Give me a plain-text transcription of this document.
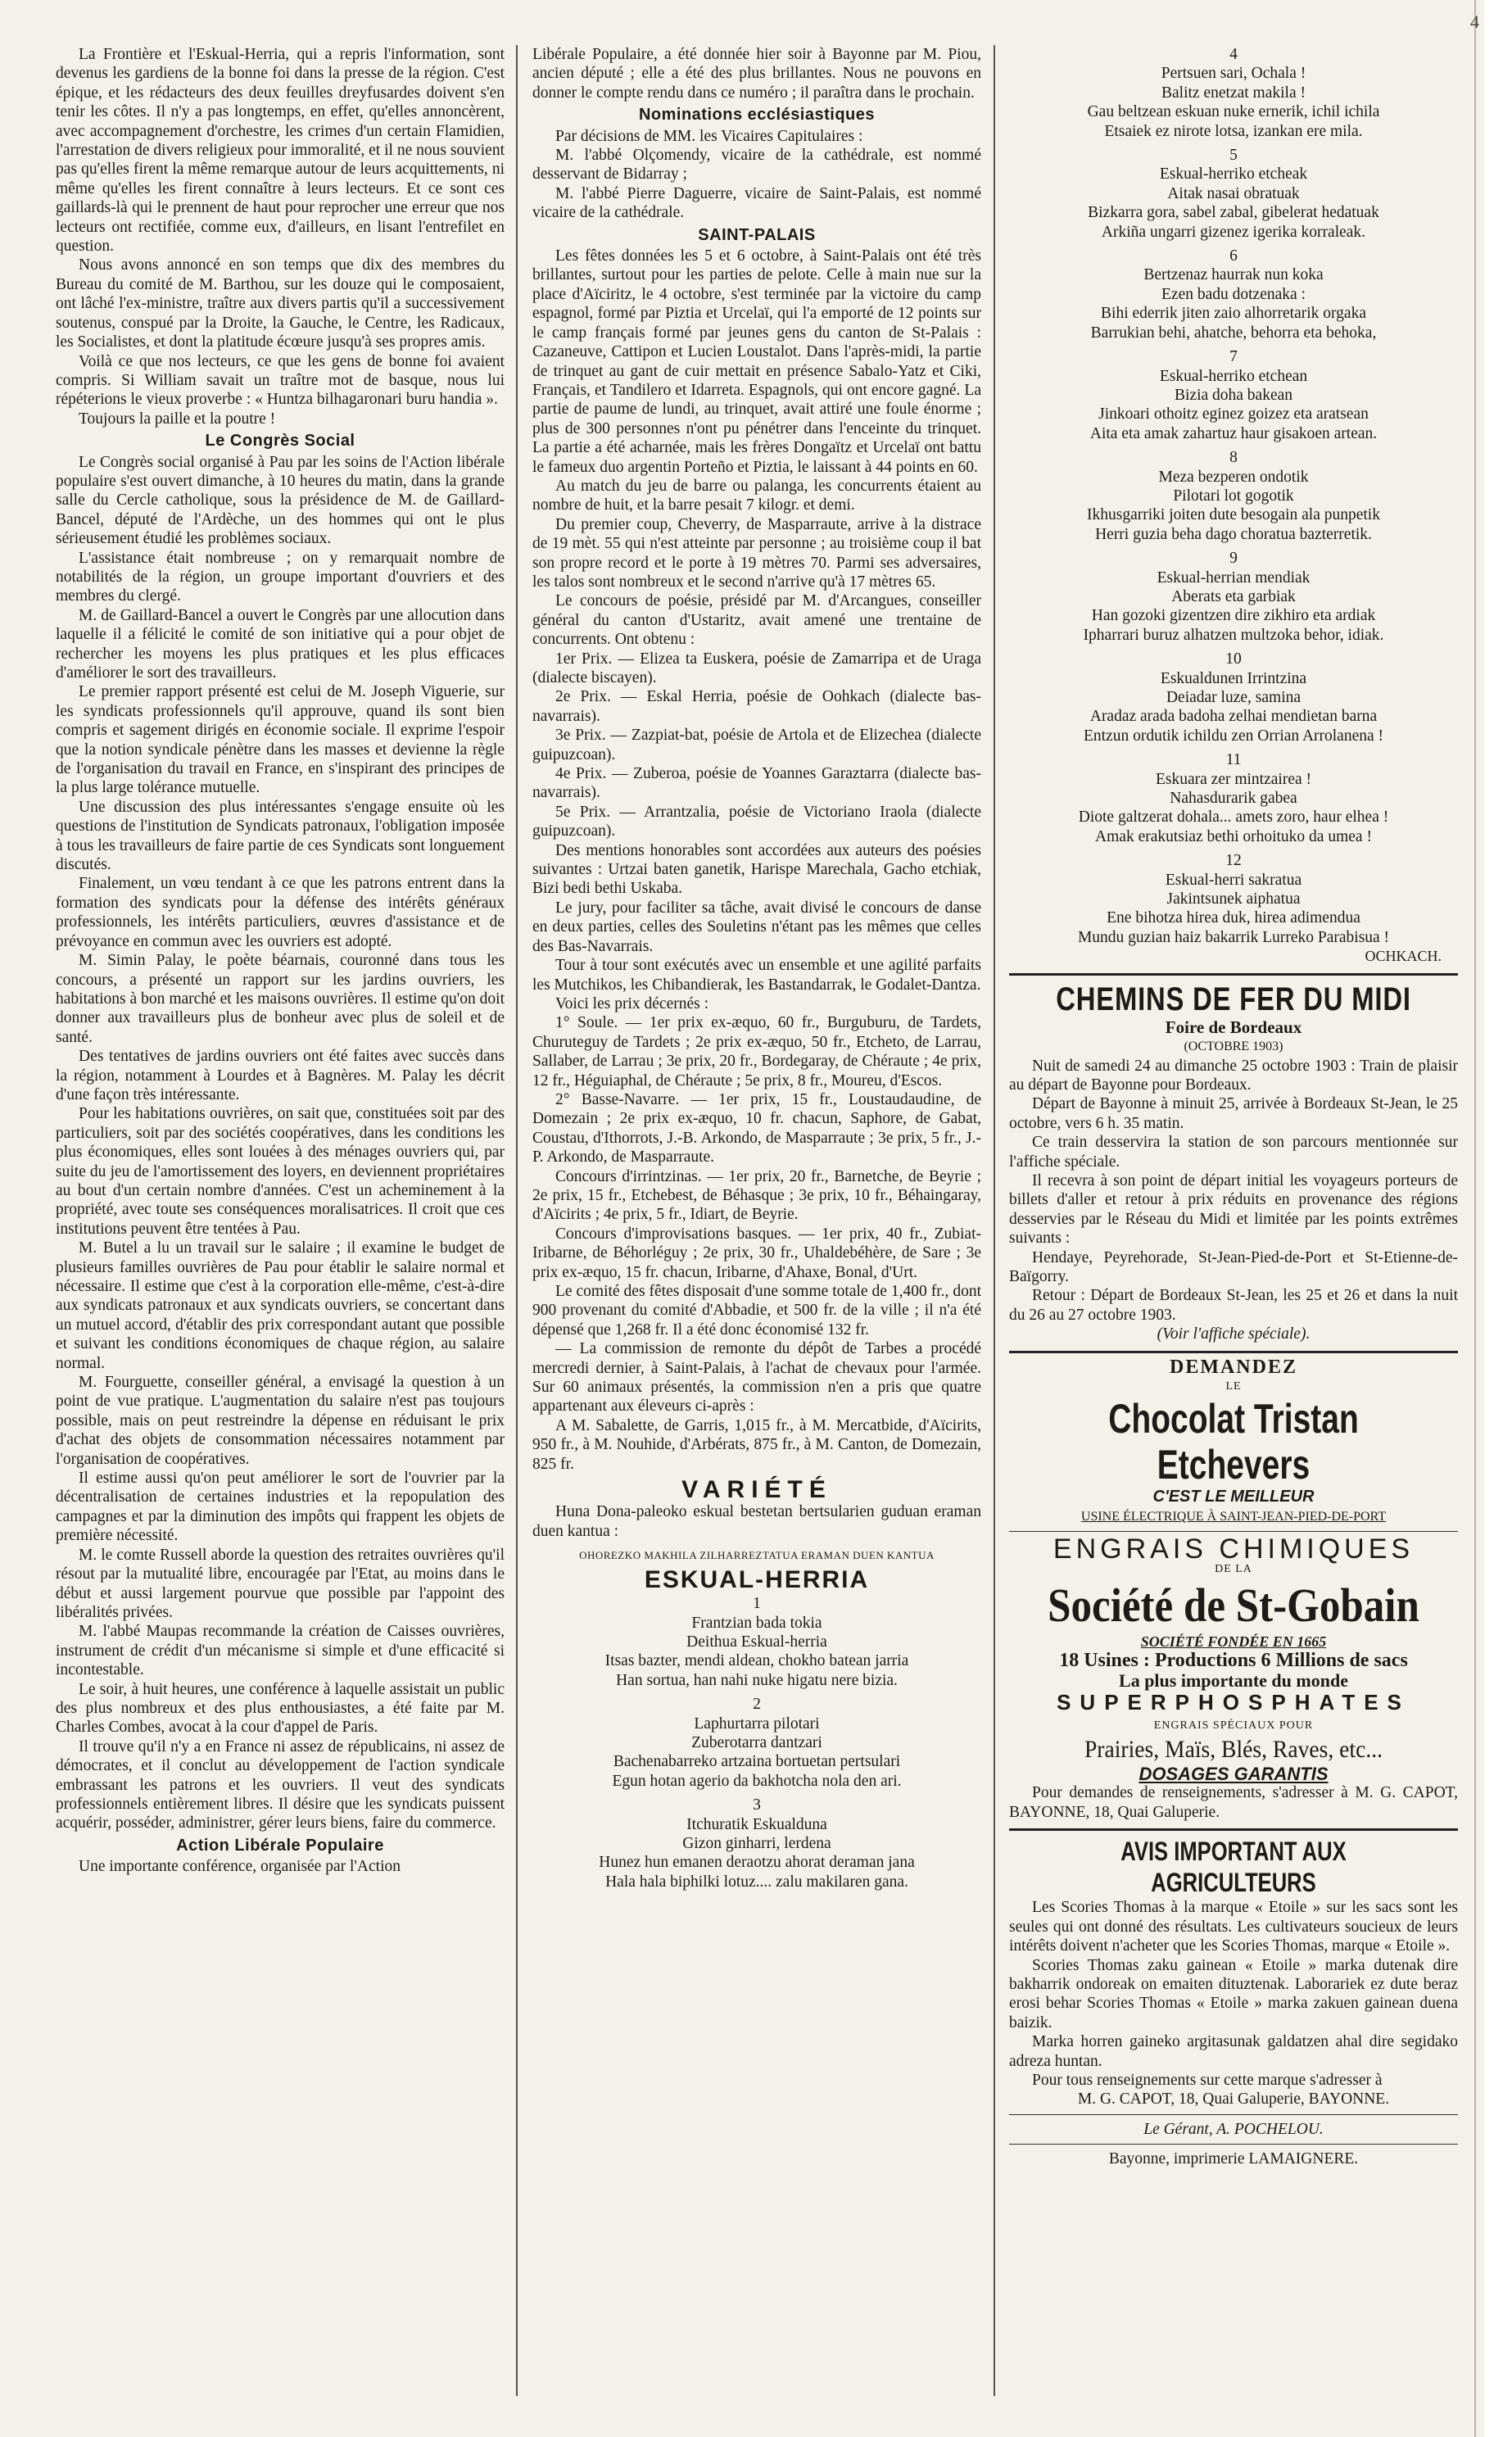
4

La Frontière et l'Eskual-Herria, qui a repris l'information, sont devenus les gardiens de la bonne foi dans la presse de la région. C'est épique, et les rédacteurs des deux feuilles dreyfusardes doivent s'en tenir les côtes. Il n'y a pas longtemps, en effet, qu'elles annoncèrent, avec accompagnement d'orchestre, les crimes d'un certain Flamidien, l'arrestation de divers religieux pour immoralité, et il ne nous souvient pas qu'elles firent la même remarque autour de leurs acquittements, ni même qu'elles les firent connaître à leurs lecteurs. Et ce sont ces gaillards-là qui le prennent de haut pour reprocher une erreur que nos lecteurs ont rectifiée, comme eux, d'ailleurs, en lisant l'entrefilet en question.

Nous avons annoncé en son temps que dix des membres du Bureau du comité de M. Barthou, sur les douze qui le composaient, ont lâché l'ex-ministre, traître aux divers partis qu'il a successivement soutenus, conspué par la Droite, la Gauche, le Centre, les Radicaux, les Socialistes, et dont la platitude écœure jusqu'à ses propres amis.

Voilà ce que nos lecteurs, ce que les gens de bonne foi avaient compris. Si William savait un traître mot de basque, nous lui répéterions le vieux proverbe : « Huntza bilhagaronari buru handia ».

Toujours la paille et la poutre !

Le Congrès Social

Le Congrès social organisé à Pau par les soins de l'Action libérale populaire s'est ouvert dimanche, à 10 heures du matin, dans la grande salle du Cercle catholique, sous la présidence de M. de Gaillard-Bancel, député de l'Ardèche, un des hommes qui ont le plus sérieusement étudié les problèmes sociaux.

L'assistance était nombreuse ; on y remarquait nombre de notabilités de la région, un groupe important d'ouvriers et des membres du clergé.

M. de Gaillard-Bancel a ouvert le Congrès par une allocution dans laquelle il a félicité le comité de son initiative qui a pour objet de rechercher les moyens les plus pratiques et les plus efficaces d'améliorer le sort des travailleurs.

Le premier rapport présenté est celui de M. Joseph Viguerie, sur les syndicats professionnels qu'il approuve, quand ils sont bien compris et sagement dirigés en économie sociale. Il exprime l'espoir que la notion syndicale pénètre dans les masses et devienne la règle de l'organisation du travail en France, en s'inspirant des principes de la plus large tolérance mutuelle.

Une discussion des plus intéressantes s'engage ensuite où les questions de l'institution de Syndicats patronaux, l'obligation imposée à tous les travailleurs de faire partie de ces Syndicats sont longuement discutés.

Finalement, un vœu tendant à ce que les patrons entrent dans la formation des syndicats pour la défense des intérêts généraux professionnels, les intérêts particuliers, œuvres d'assistance et de prévoyance en commun avec les ouvriers est adopté.

M. Simin Palay, le poète béarnais, couronné dans tous les concours, a présenté un rapport sur les jardins ouvriers, les habitations à bon marché et les maisons ouvrières. Il estime qu'on doit donner aux travailleurs plus de bonheur avec plus de soleil et de santé.

Des tentatives de jardins ouvriers ont été faites avec succès dans la région, notamment à Lourdes et à Bagnères. M. Palay les décrit d'une façon très intéressante.

Pour les habitations ouvrières, on sait que, constituées soit par des particuliers, soit par des sociétés coopératives, dans les conditions les plus économiques, elles sont louées à des ménages ouvriers qui, par suite du jeu de l'amortissement des loyers, en deviennent propriétaires au bout d'un certain nombre d'années. C'est un acheminement à la propriété, avec toute ses conséquences moralisatrices. Il croit que ces institutions peuvent être tentées à Pau.

M. Butel a lu un travail sur le salaire ; il examine le budget de plusieurs familles ouvrières de Pau pour établir le salaire normal et nécessaire. Il estime que c'est à la corporation elle-même, c'est-à-dire aux syndicats patronaux et aux syndicats ouvriers, se concertant dans un mutuel accord, d'établir des prix correspondant autant que possible et suivant les conditions économiques de chaque région, au salaire normal.

M. Fourguette, conseiller général, a envisagé la question à un point de vue pratique. L'augmentation du salaire n'est pas toujours possible, mais on peut restreindre la dépense en réduisant le prix d'achat des objets de consommation nécessaires notamment par l'organisation de coopératives.

Il estime aussi qu'on peut améliorer le sort de l'ouvrier par la décentralisation de certaines industries et la repopulation des campagnes et par la diminution des impôts qui frappent les objets de première nécessité.

M. le comte Russell aborde la question des retraites ouvrières qu'il résout par la mutualité libre, encouragée par l'Etat, au moins dans le début et aussi largement pourvue que possible par l'appoint des libéralités privées.

M. l'abbé Maupas recommande la création de Caisses ouvrières, instrument de crédit d'un mécanisme si simple et d'une efficacité si incontestable.

Le soir, à huit heures, une conférence à laquelle assistait un public des plus nombreux et des plus enthousiastes, a été faite par M. Charles Combes, avocat à la cour d'appel de Paris.

Il trouve qu'il n'y a en France ni assez de républicains, ni assez de démocrates, et il conclut au développement de l'action syndicale embrassant les patrons et les ouvriers. Il veut des syndicats professionnels entièrement libres. Il désire que les syndicats puissent acquérir, posséder, administrer, gérer leurs biens, faire du commerce.

Action Libérale Populaire

Une importante conférence, organisée par l'Action

Libérale Populaire, a été donnée hier soir à Bayonne par M. Piou, ancien député ; elle a été des plus brillantes. Nous ne pouvons en donner le compte rendu dans ce numéro ; il paraîtra dans le prochain.

Nominations ecclésiastiques

Par décisions de MM. les Vicaires Capitulaires :

M. l'abbé Olçomendy, vicaire de la cathédrale, est nommé desservant de Bidarray ;

M. l'abbé Pierre Daguerre, vicaire de Saint-Palais, est nommé vicaire de la cathédrale.

SAINT-PALAIS

Les fêtes données les 5 et 6 octobre, à Saint-Palais ont été très brillantes, surtout pour les parties de pelote. Celle à main nue sur la place d'Aïciritz, le 4 octobre, s'est terminée par la victoire du camp espagnol, formé par Piztia et Urcelaï, qui l'a emporté de 12 points sur le camp français formé par jeunes gens du canton de St-Palais : Cazaneuve, Cattipon et Lucien Loustalot. Dans l'après-midi, la partie de trinquet au gant de cuir mettait en présence Sabalo-Yatz et Ciki, Français, et Tandilero et Idarreta. Espagnols, qui ont encore gagné. La partie de paume de lundi, au trinquet, avait attiré une foule énorme ; plus de 300 personnes n'ont pu pénétrer dans l'enceinte du trinquet. La partie a été acharnée, mais les frères Dongaïtz et Urcelaï ont battu le fameux duo argentin Porteño et Piztia, le laissant à 44 points en 60.

Au match du jeu de barre ou palanga, les concurrents étaient au nombre de huit, et la barre pesait 7 kilogr. et demi.

Du premier coup, Cheverry, de Masparraute, arrive à la distrace de 19 mèt. 55 qui n'est atteinte par personne ; au troisième coup il bat son propre record et le porte à 19 mètres 70. Parmi ses adversaires, les talos sont nombreux et le second n'arrive qu'à 17 mètres 65.

Le concours de poésie, présidé par M. d'Arcangues, conseiller général du canton d'Ustaritz, avait amené une trentaine de concurrents. Ont obtenu :

1er Prix. — Elizea ta Euskera, poésie de Zamarripa et de Uraga (dialecte biscayen).

2e Prix. — Eskal Herria, poésie de Oohkach (dialecte bas-navarrais).

3e Prix. — Zazpiat-bat, poésie de Artola et de Elizechea (dialecte guipuzcoan).

4e Prix. — Zuberoa, poésie de Yoannes Garaztarra (dialecte bas-navarrais).

5e Prix. — Arrantzalia, poésie de Victoriano Iraola (dialecte guipuzcoan).

Des mentions honorables sont accordées aux auteurs des poésies suivantes : Urtzai baten ganetik, Harispe Marechala, Gacho etchiak, Bizi bedi bethi Uskaba.

Le jury, pour faciliter sa tâche, avait divisé le concours de danse en deux parties, celles des Souletins n'étant pas les mêmes que celles des Bas-Navarrais.

Tour à tour sont exécutés avec un ensemble et une agilité parfaits les Mutchikos, les Chibandierak, les Bastandarrak, le Godalet-Dantza.

Voici les prix décernés :

1° Soule. — 1er prix ex-æquo, 60 fr., Burguburu, de Tardets, Churuteguy de Tardets ; 2e prix ex-æquo, 50 fr., Etcheto, de Larrau, Sallaber, de Larrau ; 3e prix, 20 fr., Bordegaray, de Chéraute ; 4e prix, 12 fr., Héguiaphal, de Chéraute ; 5e prix, 8 fr., Moureu, d'Escos.

2° Basse-Navarre. — 1er prix, 15 fr., Loustaudaudine, de Domezain ; 2e prix ex-æquo, 10 fr. chacun, Saphore, de Gabat, Coustau, d'Ithorrots, J.-B. Arkondo, de Masparraute ; 3e prix, 5 fr., J.-P. Arkondo, de Masparraute.

Concours d'irrintzinas. — 1er prix, 20 fr., Barnetche, de Beyrie ; 2e prix, 15 fr., Etchebest, de Béhasque ; 3e prix, 10 fr., Béhaingaray, d'Aïcirits ; 4e prix, 5 fr., Idiart, de Beyrie.

Concours d'improvisations basques. — 1er prix, 40 fr., Zubiat-Iribarne, de Béhorléguy ; 2e prix, 30 fr., Uhaldebéhère, de Sare ; 3e prix ex-æquo, 15 fr. chacun, Iribarne, d'Ahaxe, Bonal, d'Urt.

Le comité des fêtes disposait d'une somme totale de 1,400 fr., dont 900 provenant du comité d'Abbadie, et 500 fr. de la ville ; il n'a été dépensé que 1,268 fr. Il a été donc économisé 132 fr.

— La commission de remonte du dépôt de Tarbes a procédé mercredi dernier, à Saint-Palais, à l'achat de chevaux pour l'armée. Sur 60 animaux présentés, la commission n'en a pris que quatre appartenant aux éleveurs ci-après :

A M. Sabalette, de Garris, 1,015 fr., à M. Mercatbide, d'Aïcirits, 950 fr., à M. Nouhide, d'Arbérats, 875 fr., à M. Canton, de Domezain, 825 fr.

VARIÉTÉ

Huna Dona-paleoko eskual bestetan bertsularien guduan eraman duen kantua :

OHOREZKO MAKHILA ZILHARREZTATUA ERAMAN DUEN KANTUA
ESKUAL-HERRIA
1
Frantzian bada tokia
Deithua Eskual-herria
Itsas bazter, mendi aldean, chokho batean jarria
Han sortua, han nahi nuke higatu nere bizia.
2
Laphurtarra pilotari
Zuberotarra dantzari
Bachenabarreko artzaina bortuetan pertsulari
Egun hotan agerio da bakhotcha nola den ari.
3
Itchuratik Eskualduna
Gizon ginharri, lerdena
Hunez hun emanen deraotzu ahorat deraman jana
Hala hala biphilki lotuz.... zalu makilaren gana.
4
Pertsuen sari, Ochala !
Balitz enetzat makila !
Gau beltzean eskuan nuke ernerik, ichil ichila
Etsaiek ez nirote lotsa, izankan ere mila.
5
Eskual-herriko etcheak
Aitak nasai obratuak
Bizkarra gora, sabel zabal, gibelerat hedatuak
Arkiña ungarri gizenez igerika korraleak.
6
Bertzenaz haurrak nun koka
Ezen badu dotzenaka :
Bihi ederrik jiten zaio alhorretarik orgaka
Barrukian behi, ahatche, behorra eta behoka,
7
Eskual-herriko etchean
Bizia doha bakean
Jinkoari othoitz eginez goizez eta aratsean
Aita eta amak zahartuz haur gisakoen artean.
8
Meza bezperen ondotik
Pilotari lot gogotik
Ikhusgarriki joiten dute besogain ala punpetik
Herri guzia beha dago choratua bazterretik.
9
Eskual-herrian mendiak
Aberats eta garbiak
Han gozoki gizentzen dire zikhiro eta ardiak
Ipharrari buruz alhatzen multzoka behor, idiak.
10
Eskualdunen Irrintzina
Deiadar luze, samina
Aradaz arada badoha zelhai mendietan barna
Entzun ordutik ichildu zen Orrian Arrolanena !
11
Eskuara zer mintzairea !
Nahasdurarik gabea
Diote galtzerat dohala... amets zoro, haur elhea !
Amak erakutsiaz bethi orhoituko da umea !
12
Eskual-herri sakratua
Jakintsunek aiphatua
Ene bihotza hirea duk, hirea adimendua
Mundu guzian haiz bakarrik Lurreko Parabisua !
OCHKACH.
CHEMINS DE FER DU MIDI
Foire de Bordeaux
(OCTOBRE 1903)

Nuit de samedi 24 au dimanche 25 octobre 1903 : Train de plaisir au départ de Bayonne pour Bordeaux.

Départ de Bayonne à minuit 25, arrivée à Bordeaux St-Jean, le 25 octobre, vers 6 h. 35 matin.

Ce train desservira la station de son parcours mentionnée sur l'affiche spéciale.

Il recevra à son point de départ initial les voyageurs porteurs de billets d'aller et retour à prix réduits en provenance des régions desservies par le Réseau du Midi et limitée par les points extrêmes suivants :

Hendaye, Peyrehorade, St-Jean-Pied-de-Port et St-Etienne-de-Baïgorry.

Retour : Départ de Bordeaux St-Jean, les 25 et 26 et dans la nuit du 26 au 27 octobre 1903.

(Voir l'affiche spéciale).
DEMANDEZ
LE
Chocolat Tristan Etchevers
C'EST LE MEILLEUR
USINE ÉLECTRIQUE À SAINT-JEAN-PIED-DE-PORT
ENGRAIS CHIMIQUES
DE LA
Société de St-Gobain
SOCIÉTÉ FONDÉE EN 1665
18 Usines : Productions 6 Millions de sacs
La plus importante du monde
SUPERPHOSPHATES
ENGRAIS SPÉCIAUX POUR
Prairies, Maïs, Blés, Raves, etc...
DOSAGES GARANTIS

Pour demandes de renseignements, s'adresser à M. G. CAPOT, BAYONNE, 18, Quai Galuperie.

AVIS IMPORTANT AUX AGRICULTEURS

Les Scories Thomas à la marque « Etoile » sur les sacs sont les seules qui ont donné des résultats. Les cultivateurs soucieux de leurs intérêts doivent n'acheter que les Scories Thomas, marque « Etoile ».

Scories Thomas zaku gainean « Etoile » marka dutenak dire bakharrik ondoreak on emaiten dituztenak. Laborariek ez dute beraz erosi behar Scories Thomas « Etoile » marka zakuen gainean duena baizik.

Marka horren gaineko argitasunak galdatzen ahal dire segidako adreza huntan.

Pour tous renseignements sur cette marque s'adresser à

M. G. CAPOT, 18, Quai Galuperie, BAYONNE.
Le Gérant, A. POCHELOU.
Bayonne, imprimerie LAMAIGNERE.
